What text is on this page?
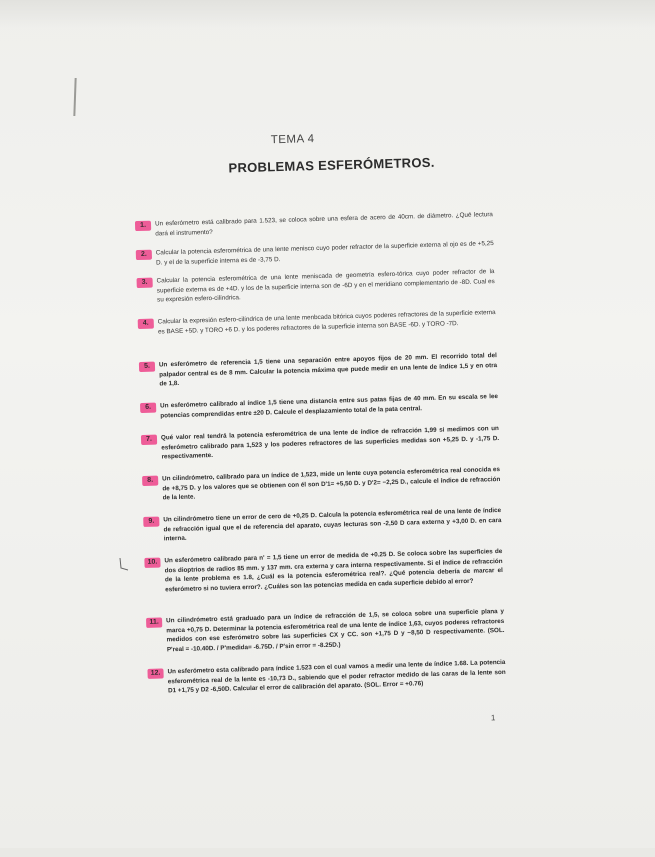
TEMA 4
PROBLEMAS ESFERÓMETROS.
1.	Un esferómetro está calibrado para 1.523, se coloca sobre una esfera de acero de 40cm. de diámetro. ¿Qué lectura dará el instrumento?
2.	Calcular la potencia esferométrica de una lente menisco cuyo poder refractor de la superficie externa al ojo es de +5,25 D. y el de la superficie interna es de -3,75 D.
3.	Calcular la potencia esferométrica de una lente meniscada de geometría esfero-tórica cuyo poder refractor de la superficie externa es de +4D. y los de la superficie interna son de -6D y en el meridiano complementario de -8D. Cual es su expresión esfero-cilíndrica.
4.	Calcular la expresión esfero-cilíndrica de una lente menbcada bitórica cuyos poderes refractores de la superficie externa es BASE +5D. y TORO +6 D. y los poderes refractores de la superficie interna son BASE -6D. y TORO -7D.
5.	Un esferómetro de referencia 1,5 tiene una separación entre apoyos fijos de 20 mm. El recorrido total del palpador central es de 8 mm. Calcular la potencia máxima que puede medir en una lente de índice 1,5 y en otra de 1,8.
6.	Un esferómetro calibrado al índice 1,5 tiene una distancia entre sus patas fijas de 40 mm. En su escala se lee potencias comprendidas entre ±20 D. Calcule el desplazamiento total de la pata central.
7.	Qué valor real tendrá la potencia esferométrica de una lente de índice de refracción 1,99 si medimos con un esferómetro calibrado para 1,523 y los poderes refractores de las superficies medidas son +5,25 D. y -1,75 D. respectivamente.
8.	Un cilindrómetro, calibrado para un índice de 1,523, mide un lente cuya potencia esferométrica real conocida es de +8,75 D. y los valores que se obtienen con él son D'1= +5,50 D. y D'2= −2,25 D., calcule el índice de refracción de la lente.
9.	Un cilindrómetro tiene un error de cero de +0,25 D. Calcula la potencia esferométrica real de una lente de índice de refracción igual que el de referencia del aparato, cuyas lecturas son -2,50 D cara externa y +3,00 D. en cara interna.
10.	Un esferómetro calibrado para n' = 1,5 tiene un error de medida de +0.25 D. Se coloca sobre las superficies de dos dioptrios de radios 85 mm. y 137 mm. cra externa y cara interna respectivamente. Si el índice de refracción de la lente problema es 1.8, ¿Cuál es la potencia esferométrica real?. ¿Qué potencia debería de marcar el esferómetro si no tuviera error?. ¿Cuáles son las potencias medida en cada superficie debido al error?
11.	Un cilindrómetro está graduado para un índice de refracción de 1,5, se coloca sobre una superficie plana y marca +0,75 D. Determinar la potencia esferométrica real de una lente de índice 1,63, cuyos poderes refractores medidos con ese esferómetro sobre las superficies CX y CC. son +1,75 D y −8,50 D respectivamente. (SOL. P'real = -10.40D. / P'medida= -6.75D. / P'sin error = -8.25D.)
12.	Un esferómetro esta calibrado para índice 1.523 con el cual vamos a medir una lente de índice 1.68. La potencia esferométrica real de la lente es -10,73 D., sabiendo que el poder refractor medido de las caras de la lente son D1 +1,75 y D2 -6,50D. Calcular el error de calibración del aparato. (SOL. Error = +0.76)
1
